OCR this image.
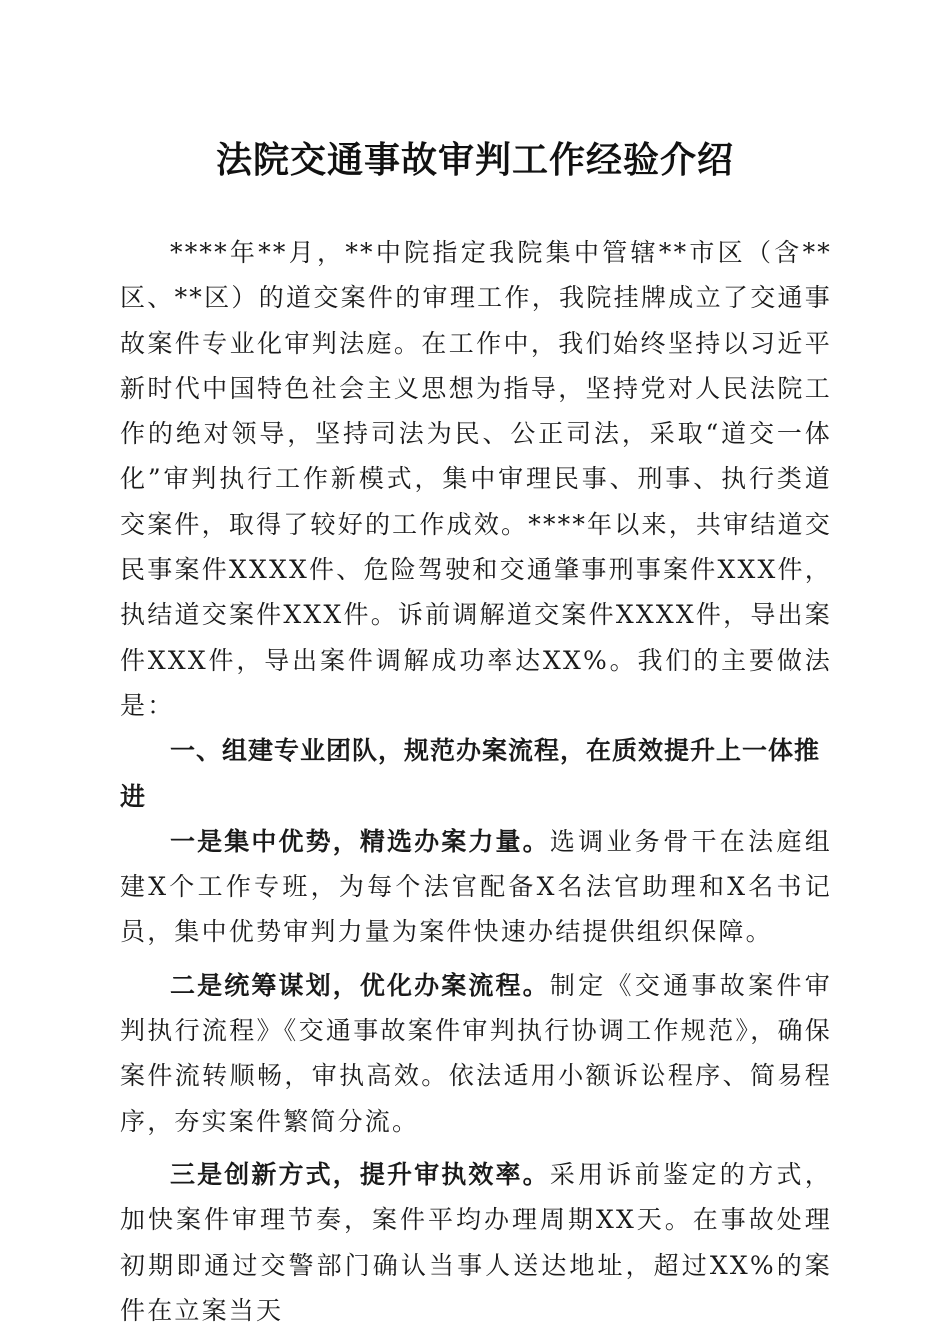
法院交通事故审判工作经验介绍

****年**月，**中院指定我院集中管辖**市区（含**区、**区）的道交案件的审理工作，我院挂牌成立了交通事故案件专业化审判法庭。在工作中，我们始终坚持以习近平新时代中国特色社会主义思想为指导，坚持党对人民法院工作的绝对领导，坚持司法为民、公正司法，采取“道交一体化”审判执行工作新模式，集中审理民事、刑事、执行类道交案件，取得了较好的工作成效。****年以来，共审结道交民事案件XXXX件、危险驾驶和交通肇事刑事案件XXX件，执结道交案件XXX件。诉前调解道交案件XXXX件，导出案件XXX件，导出案件调解成功率达XX%。我们的主要做法是：

一、组建专业团队，规范办案流程，在质效提升上一体推进

一是集中优势，精选办案力量。选调业务骨干在法庭组建X个工作专班，为每个法官配备X名法官助理和X名书记员，集中优势审判力量为案件快速办结提供组织保障。

二是统筹谋划，优化办案流程。制定《交通事故案件审判执行流程》《交通事故案件审判执行协调工作规范》，确保案件流转顺畅，审执高效。依法适用小额诉讼程序、简易程序，夯实案件繁简分流。

三是创新方式，提升审执效率。采用诉前鉴定的方式，加快案件审理节奏，案件平均办理周期XX天。在事故处理初期即通过交警部门确认当事人送达地址，超过XX%的案件在立案当天
